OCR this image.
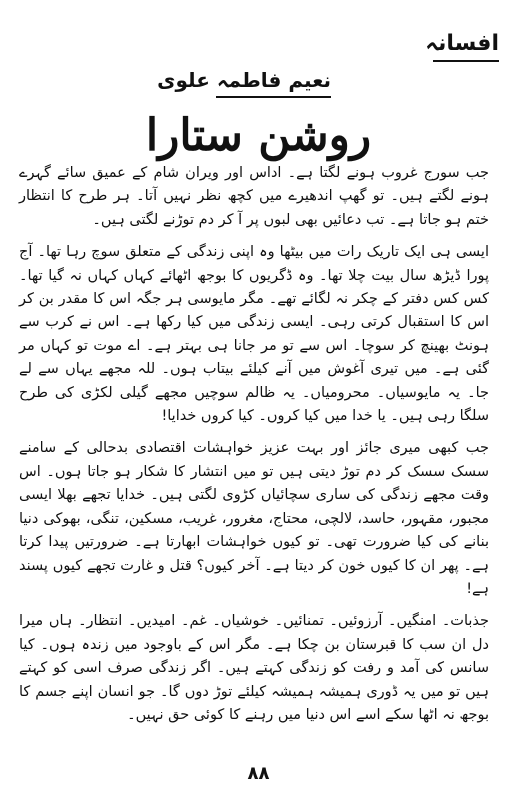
افسانہ
نعیم فاطمہ علوی
روشن ستارا

جب سورج غروب ہونے لگتا ہے۔ اداس اور ویران شام کے عمیق سائے گہرے ہونے لگتے ہیں۔ تو گھپ اندھیرے میں کچھ نظر نہیں آتا۔ ہر طرح کا انتظار ختم ہو جاتا ہے۔ تب دعائیں بھی لبوں پر آ کر دم توڑنے لگتی ہیں۔

ایسی ہی ایک تاریک رات میں بیٹھا وہ اپنی زندگی کے متعلق سوچ رہا تھا۔ آج پورا ڈیڑھ سال بیت چلا تھا۔ وہ ڈگریوں کا بوجھ اٹھائے کہاں کہاں نہ گیا تھا۔ کس کس دفتر کے چکر نہ لگائے تھے۔ مگر مایوسی ہر جگہ اس کا مقدر بن کر اس کا استقبال کرتی رہی۔ ایسی زندگی میں کیا رکھا ہے۔ اس نے کرب سے ہونٹ بھینچ کر سوچا۔ اس سے تو مر جانا ہی بہتر ہے۔ اے موت تو کہاں مر گئی ہے۔ میں تیری آغوش میں آنے کیلئے بیتاب ہوں۔ للہ مجھے یہاں سے لے جا۔ یہ مایوسیاں۔ محرومیاں۔ یہ ظالم سوچیں مجھے گیلی لکڑی کی طرح سلگا رہی ہیں۔ یا خدا میں کیا کروں۔ کیا کروں خدایا!

جب کبھی میری جائز اور بہت عزیز خواہشات اقتصادی بدحالی کے سامنے سسک سسک کر دم توڑ دیتی ہیں تو میں انتشار کا شکار ہو جاتا ہوں۔ اس وقت مجھے زندگی کی ساری سچائیاں کڑوی لگتی ہیں۔ خدایا تجھے بھلا ایسی مجبور، مقہور، حاسد، لالچی، محتاج، مغرور، غریب، مسکین، تنگی، بھوکی دنیا بنانے کی کیا ضرورت تھی۔ تو کیوں خواہشات ابھارتا ہے۔ ضرورتیں پیدا کرتا ہے۔ پھر ان کا کیوں خون کر دیتا ہے۔ آخر کیوں؟ قتل و غارت تجھے کیوں پسند ہے!

جذبات۔ امنگیں۔ آرزوئیں۔ تمنائیں۔ خوشیاں۔ غم۔ امیدیں۔ انتظار۔ ہاں میرا دل ان سب کا قبرستان بن چکا ہے۔ مگر اس کے باوجود میں زندہ ہوں۔ کیا سانس کی آمد و رفت کو زندگی کہتے ہیں۔ اگر زندگی صرف اسی کو کہتے ہیں تو میں یہ ڈوری ہمیشہ ہمیشہ کیلئے توڑ دوں گا۔ جو انسان اپنے جسم کا بوجھ نہ اٹھا سکے اسے اس دنیا میں رہنے کا کوئی حق نہیں۔

۸۸
